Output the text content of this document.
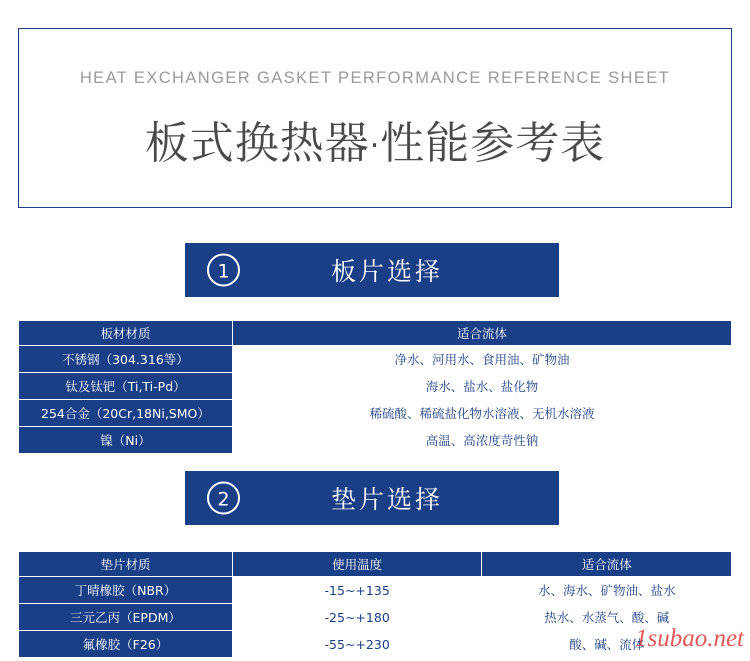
HEAT EXCHANGER GASKET PERFORMANCE REFERENCE SHEET
板式换热器·性能参考表
1	板片选择
板材材质	适合流体
不锈钢（304.316等）	净水、河用水、食用油、矿物油
钛及钛钯（Ti,Ti-Pd）	海水、盐水、盐化物
254合金（20Cr,18Ni,SMO）	稀硫酸、稀硫盐化物水溶液、无机水溶液
镍（Ni）	高温、高浓度苛性钠
2	垫片选择
垫片材质	使用温度	适合流体
丁晴橡胶（NBR）	-15~+135	水、海水、矿物油、盐水
三元乙丙（EPDM）	-25~+180	热水、水蒸气、酸、碱
氟橡胶（F26）	-55~+230	酸、碱、流体
1subao.net
